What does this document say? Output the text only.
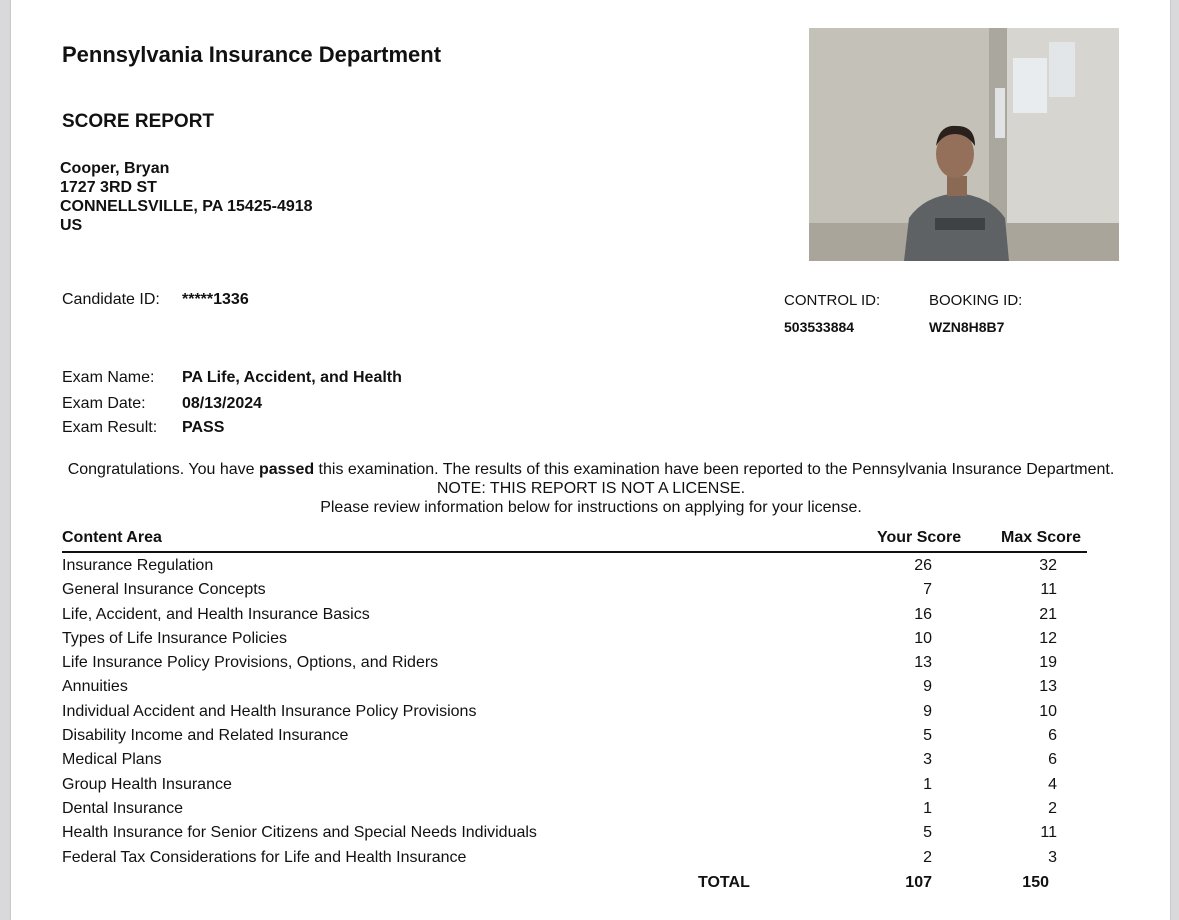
Pennsylvania Insurance Department
SCORE REPORT
Cooper, Bryan
1727 3RD ST
CONNELLSVILLE, PA 15425-4918
US
Candidate ID: *****1336	CONTROL ID:
503533884
BOOKING ID:
WZN8H8B7
Exam Name: PA Life, Accident, and Health
Exam Date: 08/13/2024
Exam Result: PASS
Congratulations. You have passed this examination. The results of this examination have been reported to the Pennsylvania Insurance Department. NOTE: THIS REPORT IS NOT A LICENSE.
Please review information below for instructions on applying for your license.
Content Area	Your Score Max Score
Insurance Regulation	26	32
General Insurance Concepts	7	11
Life, Accident, and Health Insurance Basics	16	21
Types of Life Insurance Policies	10	12
Life Insurance Policy Provisions, Options, and Riders	13	19
Annuities	9	13
Individual Accident and Health Insurance Policy Provisions	9	10
Disability Income and Related Insurance	5	6
Medical Plans	3	6
Group Health Insurance	1	4
Dental Insurance	1	2
Health Insurance for Senior Citizens and Special Needs Individuals	5	11
Federal Tax Considerations for Life and Health Insurance	2	3
TOTAL	107	150
